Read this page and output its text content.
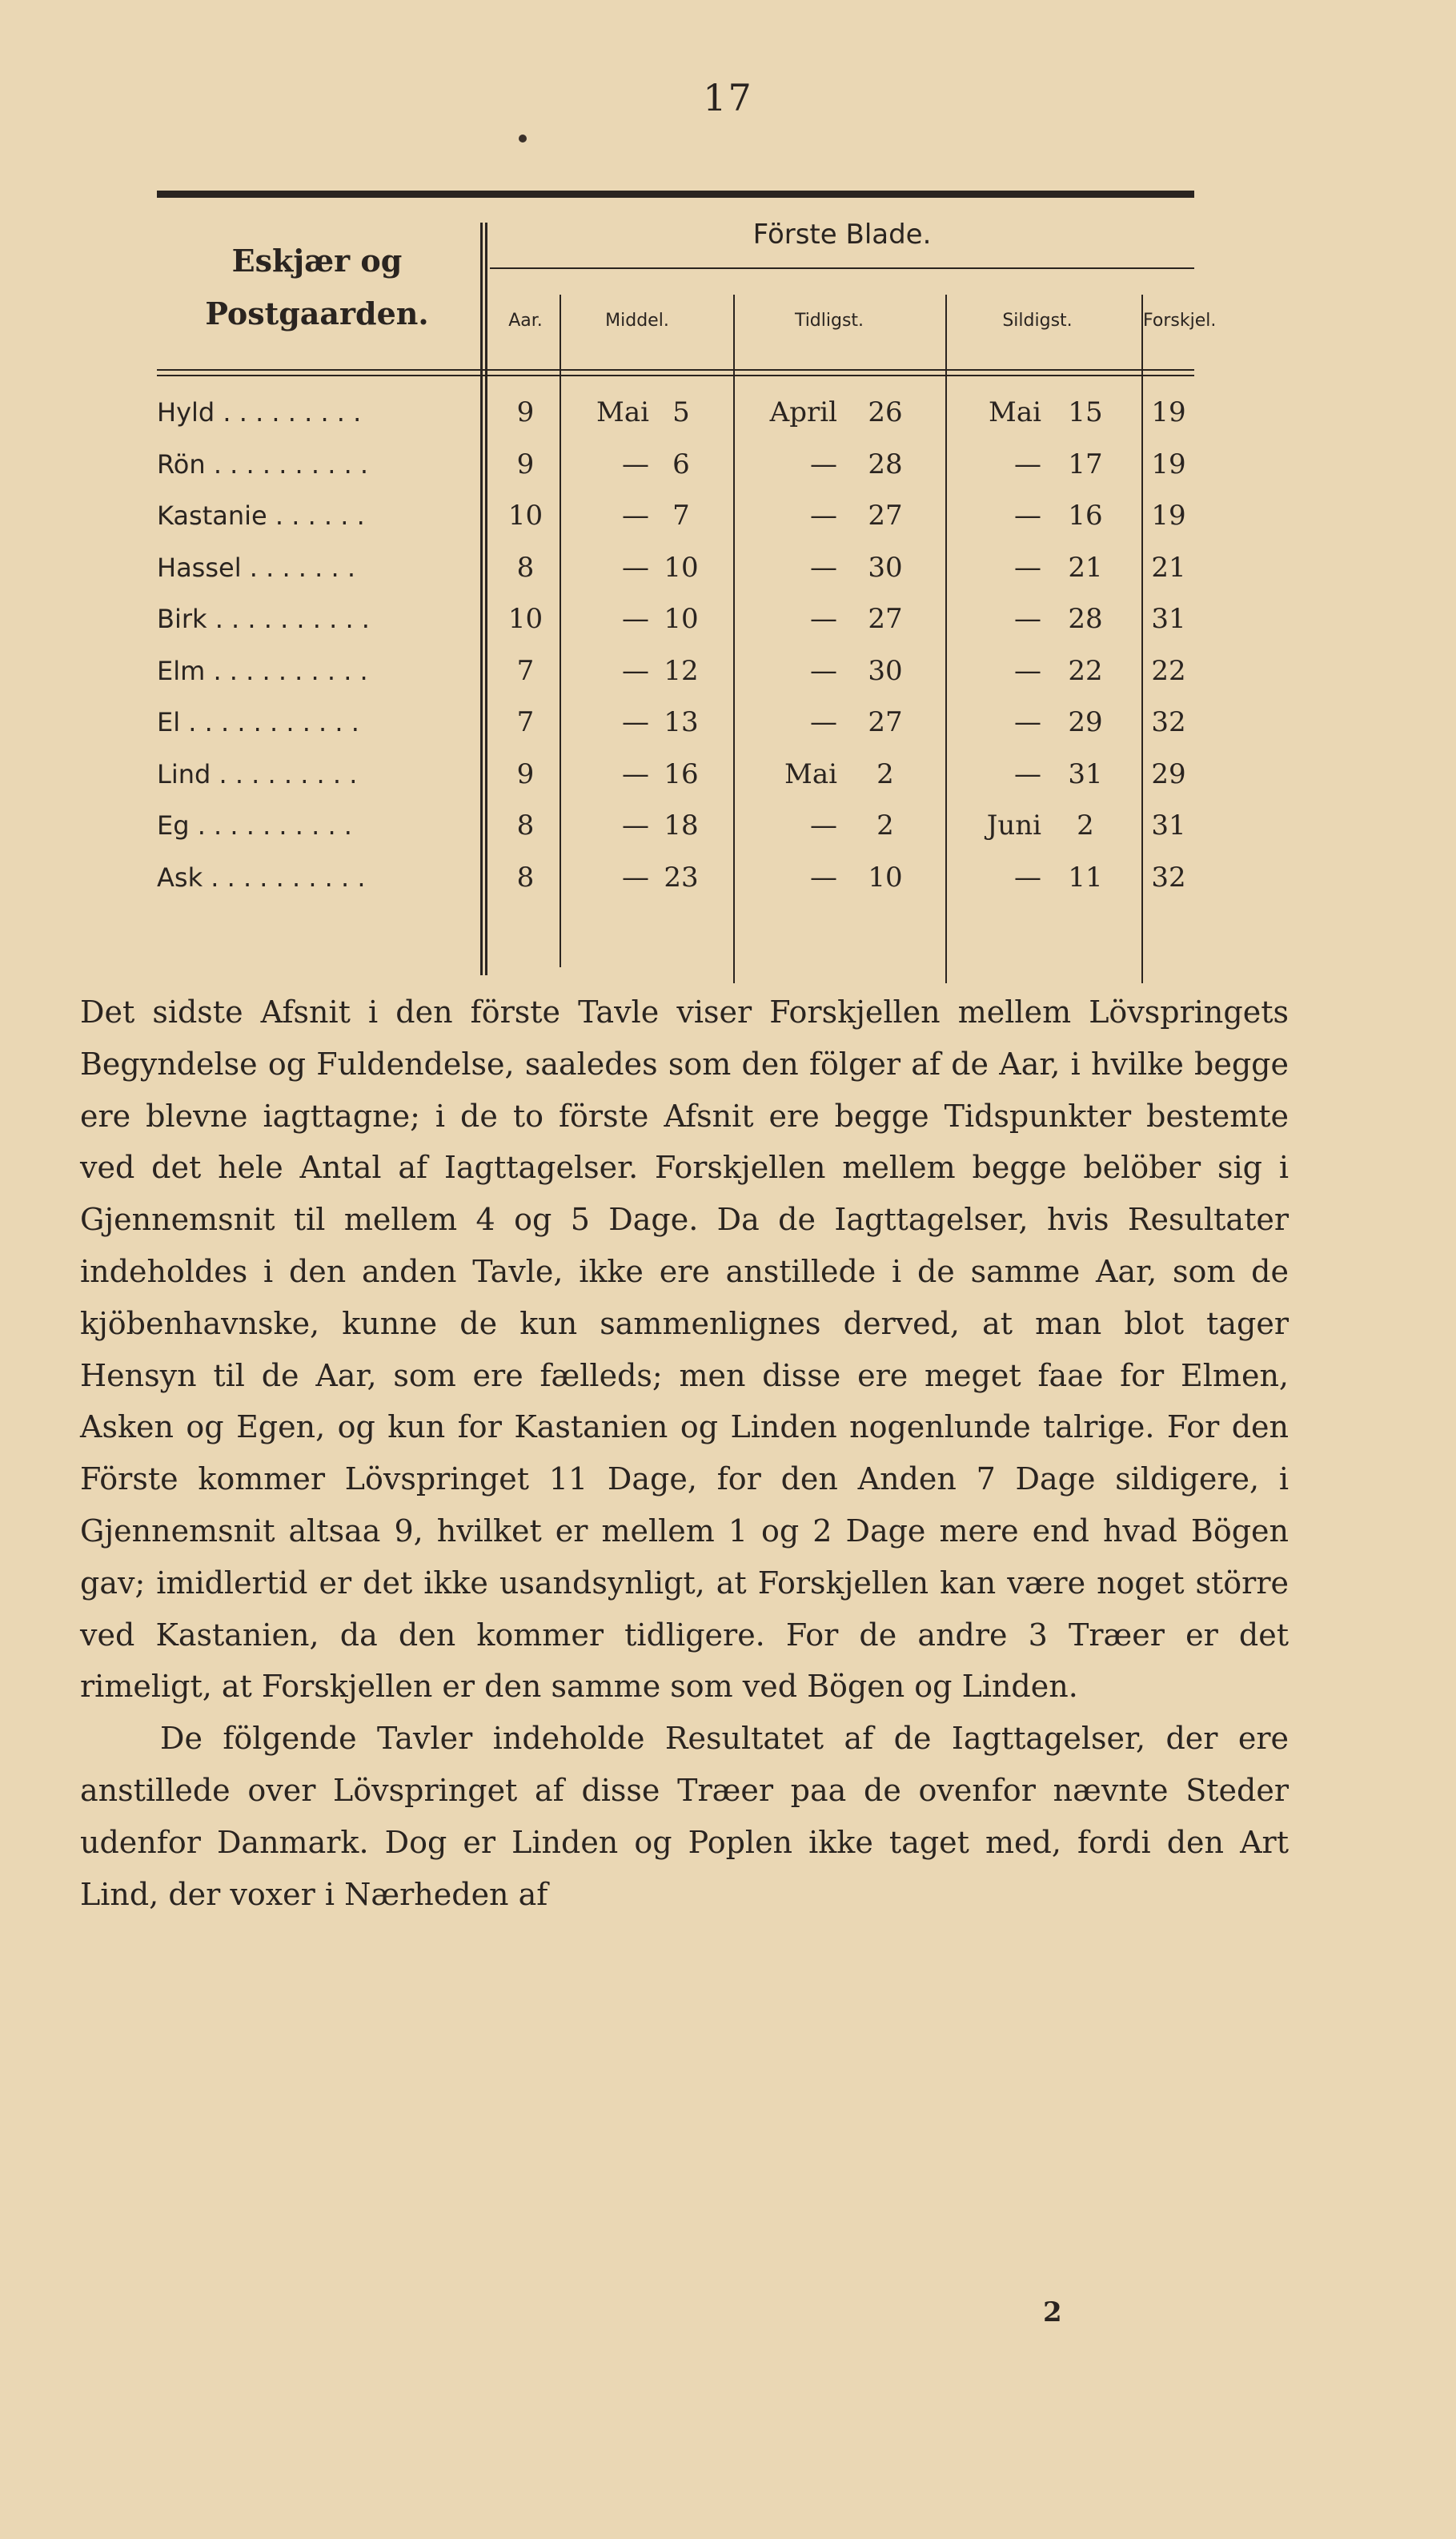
17
Eskjær og
Postgaarden.
Förste Blade.
Aar.	Middel.	Tidligst.	Sildigst.	Forskjel.
Hyld . . . . . . . . .	9	Mai 5	April	26	Mai 15	19
Rön . . . . . . . . . .	9	— 6	—	28	— 17	19
Kastanie . . . . . .	10	— 7	—	27	— 16	19
Hassel . . . . . . .	8	— 10	—	30	— 21	21
Birk . . . . . . . . . .	10	— 10	—	27	— 28	31
Elm . . . . . . . . . .	7	— 12	—	30	— 22	22
El . . . . . . . . . . .	7	— 13	—	27	— 29	32
Lind . . . . . . . . .	9	— 16	Mai	2	— 31	29
Eg . . . . . . . . . .	8	— 18	—	2	Juni	2	31
Ask . . . . . . . . . .	8	— 23	—	10	— 11	32

Det sidste Afsnit i den förste Tavle viser Forskjellen mellem Lövspringets Begyndelse og Fuldendelse, saaledes som den fölger af de Aar, i hvilke begge ere blevne iagttagne; i de to förste Afsnit ere begge Tidspunkter bestemte ved det hele Antal af Iagttagelser. Forskjellen mellem begge belöber sig i Gjennemsnit til mellem 4 og 5 Dage. Da de Iagttagelser, hvis Resultater indeholdes i den anden Tavle, ikke ere anstillede i de samme Aar, som de kjöbenhavnske, kunne de kun sammenlignes derved, at man blot tager Hensyn til de Aar, som ere fælleds; men disse ere meget faae for Elmen, Asken og Egen, og kun for Kastanien og Linden nogenlunde talrige. For den Förste kommer Lövspringet 11 Dage, for den Anden 7 Dage sildigere, i Gjennemsnit altsaa 9, hvilket er mellem 1 og 2 Dage mere end hvad Bögen gav; imidlertid er det ikke usandsynligt, at Forskjellen kan være noget större ved Kastanien, da den kommer tidligere. For de andre 3 Træer er det rimeligt, at Forskjellen er den samme som ved Bögen og Linden.

De fölgende Tavler indeholde Resultatet af de Iagttagelser, der ere anstillede over Lövspringet af disse Træer paa de ovenfor nævnte Steder udenfor Danmark. Dog er Linden og Poplen ikke taget med, fordi den Art Lind, der voxer i Nærheden af

2
